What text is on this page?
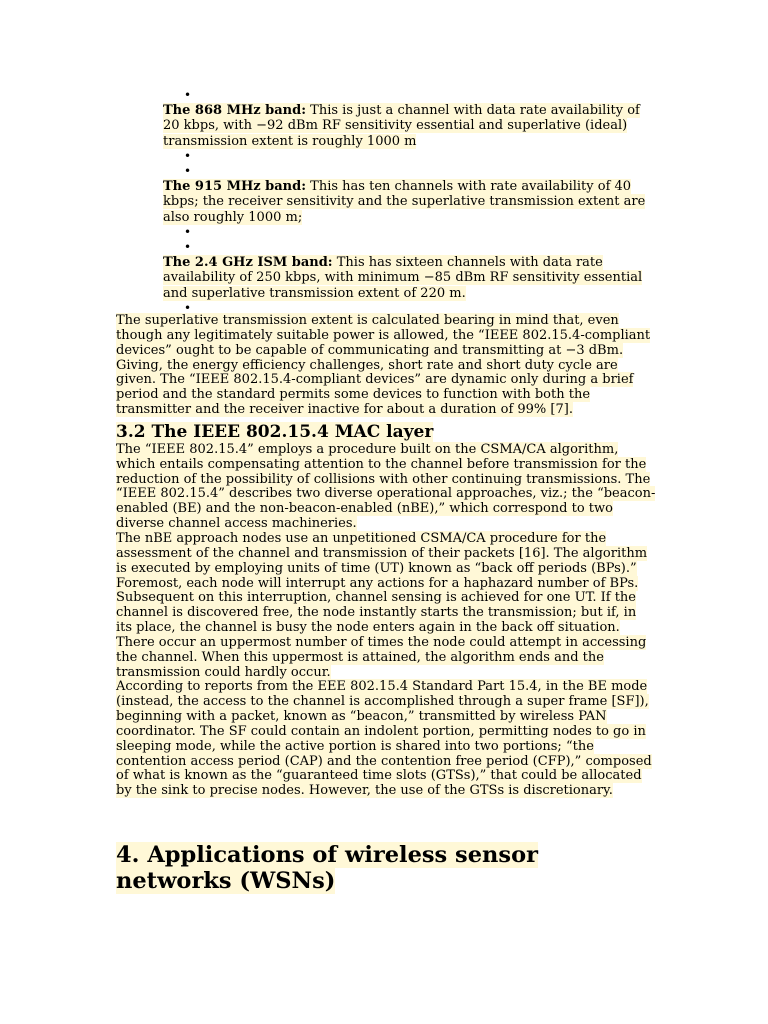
•

The 868 MHz band: This is just a channel with data rate availability of 20 kbps, with −92 dBm RF sensitivity essential and superlative (ideal) transmission extent is roughly 1000 m

•
•

The 915 MHz band: This has ten channels with rate availability of 40 kbps; the receiver sensitivity and the superlative transmission extent are also roughly 1000 m;

•
•

The 2.4 GHz ISM band: This has sixteen channels with data rate availability of 250 kbps, with minimum −85 dBm RF sensitivity essential and superlative transmission extent of 220 m.

•

The superlative transmission extent is calculated bearing in mind that, even though any legitimately suitable power is allowed, the “IEEE 802.15.4-compliant devices” ought to be capable of communicating and transmitting at −3 dBm. Giving, the energy efficiency challenges, short rate and short duty cycle are given. The “IEEE 802.15.4-compliant devices” are dynamic only during a brief period and the standard permits some devices to function with both the transmitter and the receiver inactive for about a duration of 99% [7].

3.2 The IEEE 802.15.4 MAC layer

The “IEEE 802.15.4” employs a procedure built on the CSMA/CA algorithm, which entails compensating attention to the channel before transmission for the reduction of the possibility of collisions with other continuing transmissions. The “IEEE 802.15.4” describes two diverse operational approaches, viz.; the “beacon-enabled (BE) and the non-beacon-enabled (nBE),” which correspond to two diverse channel access machineries.

The nBE approach nodes use an unpetitioned CSMA/CA procedure for the assessment of the channel and transmission of their packets [16]. The algorithm is executed by employing units of time (UT) known as “back off periods (BPs).” Foremost, each node will interrupt any actions for a haphazard number of BPs. Subsequent on this interruption, channel sensing is achieved for one UT. If the channel is discovered free, the node instantly starts the transmission; but if, in its place, the channel is busy the node enters again in the back off situation. There occur an uppermost number of times the node could attempt in accessing the channel. When this uppermost is attained, the algorithm ends and the transmission could hardly occur.

According to reports from the EEE 802.15.4 Standard Part 15.4, in the BE mode (instead, the access to the channel is accomplished through a super frame [SF]), beginning with a packet, known as “beacon,” transmitted by wireless PAN coordinator. The SF could contain an indolent portion, permitting nodes to go in sleeping mode, while the active portion is shared into two portions; “the contention access period (CAP) and the contention free period (CFP),” composed of what is known as the “guaranteed time slots (GTSs),” that could be allocated by the sink to precise nodes. However, the use of the GTSs is discretionary.

4. Applications of wireless sensor networks (WSNs)
